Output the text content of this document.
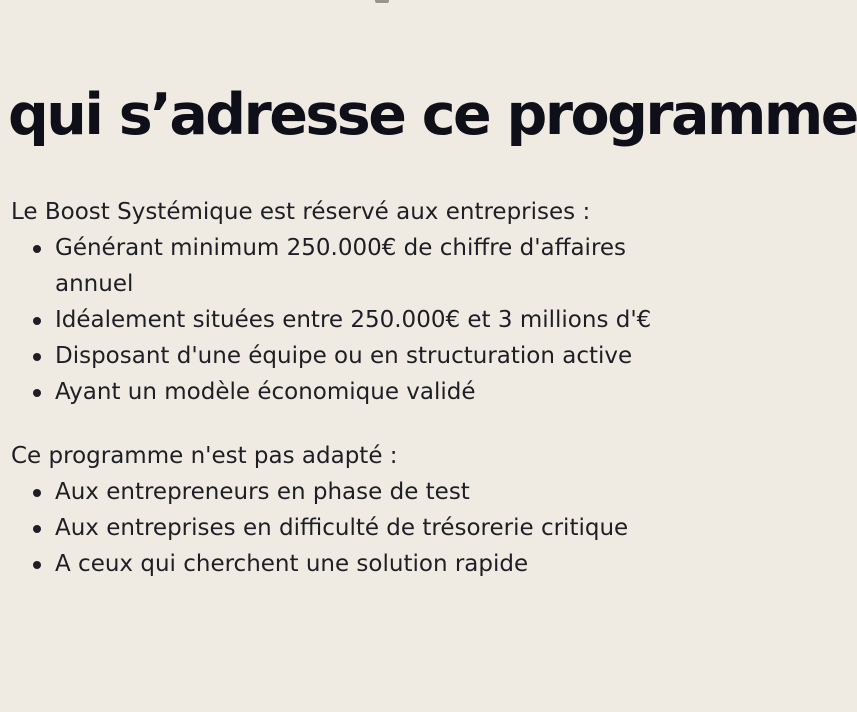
qui s’adresse ce programme

Le Boost Systémique est réservé aux entreprises :

Générant minimum 250.000€ de chiffre d'affaires annuel
Idéalement situées entre 250.000€ et 3 millions d'€
Disposant d'une équipe ou en structuration active
Ayant un modèle économique validé

Ce programme n'est pas adapté :

Aux entrepreneurs en phase de test
Aux entreprises en difficulté de trésorerie critique
A ceux qui cherchent une solution rapide
